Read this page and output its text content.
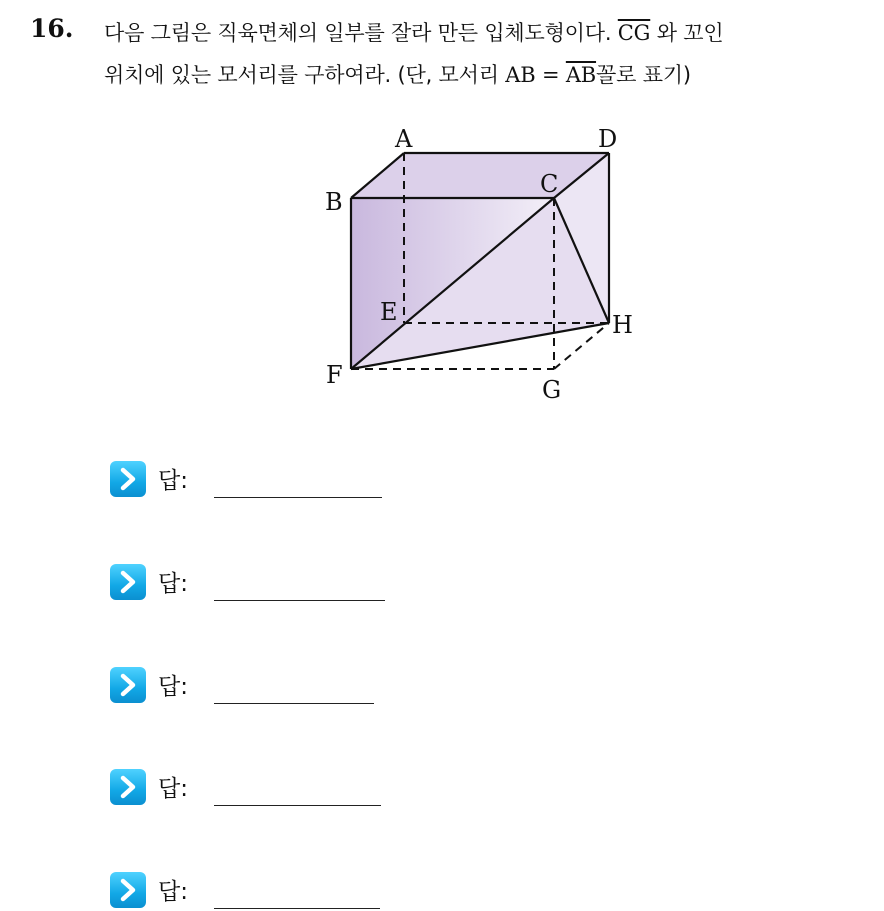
16. 다음 그림은 직육면체의 일부를 잘라 만든 입체도형이다. $\overline{CG}$ 와 꼬인
위치에 있는 모서리를 구하여라. (단, 모서리 AB = $\overline{AB}$꼴로 표기)
A	D
B
C
E	H
F
G
답:
답:
답:
답:
답:
